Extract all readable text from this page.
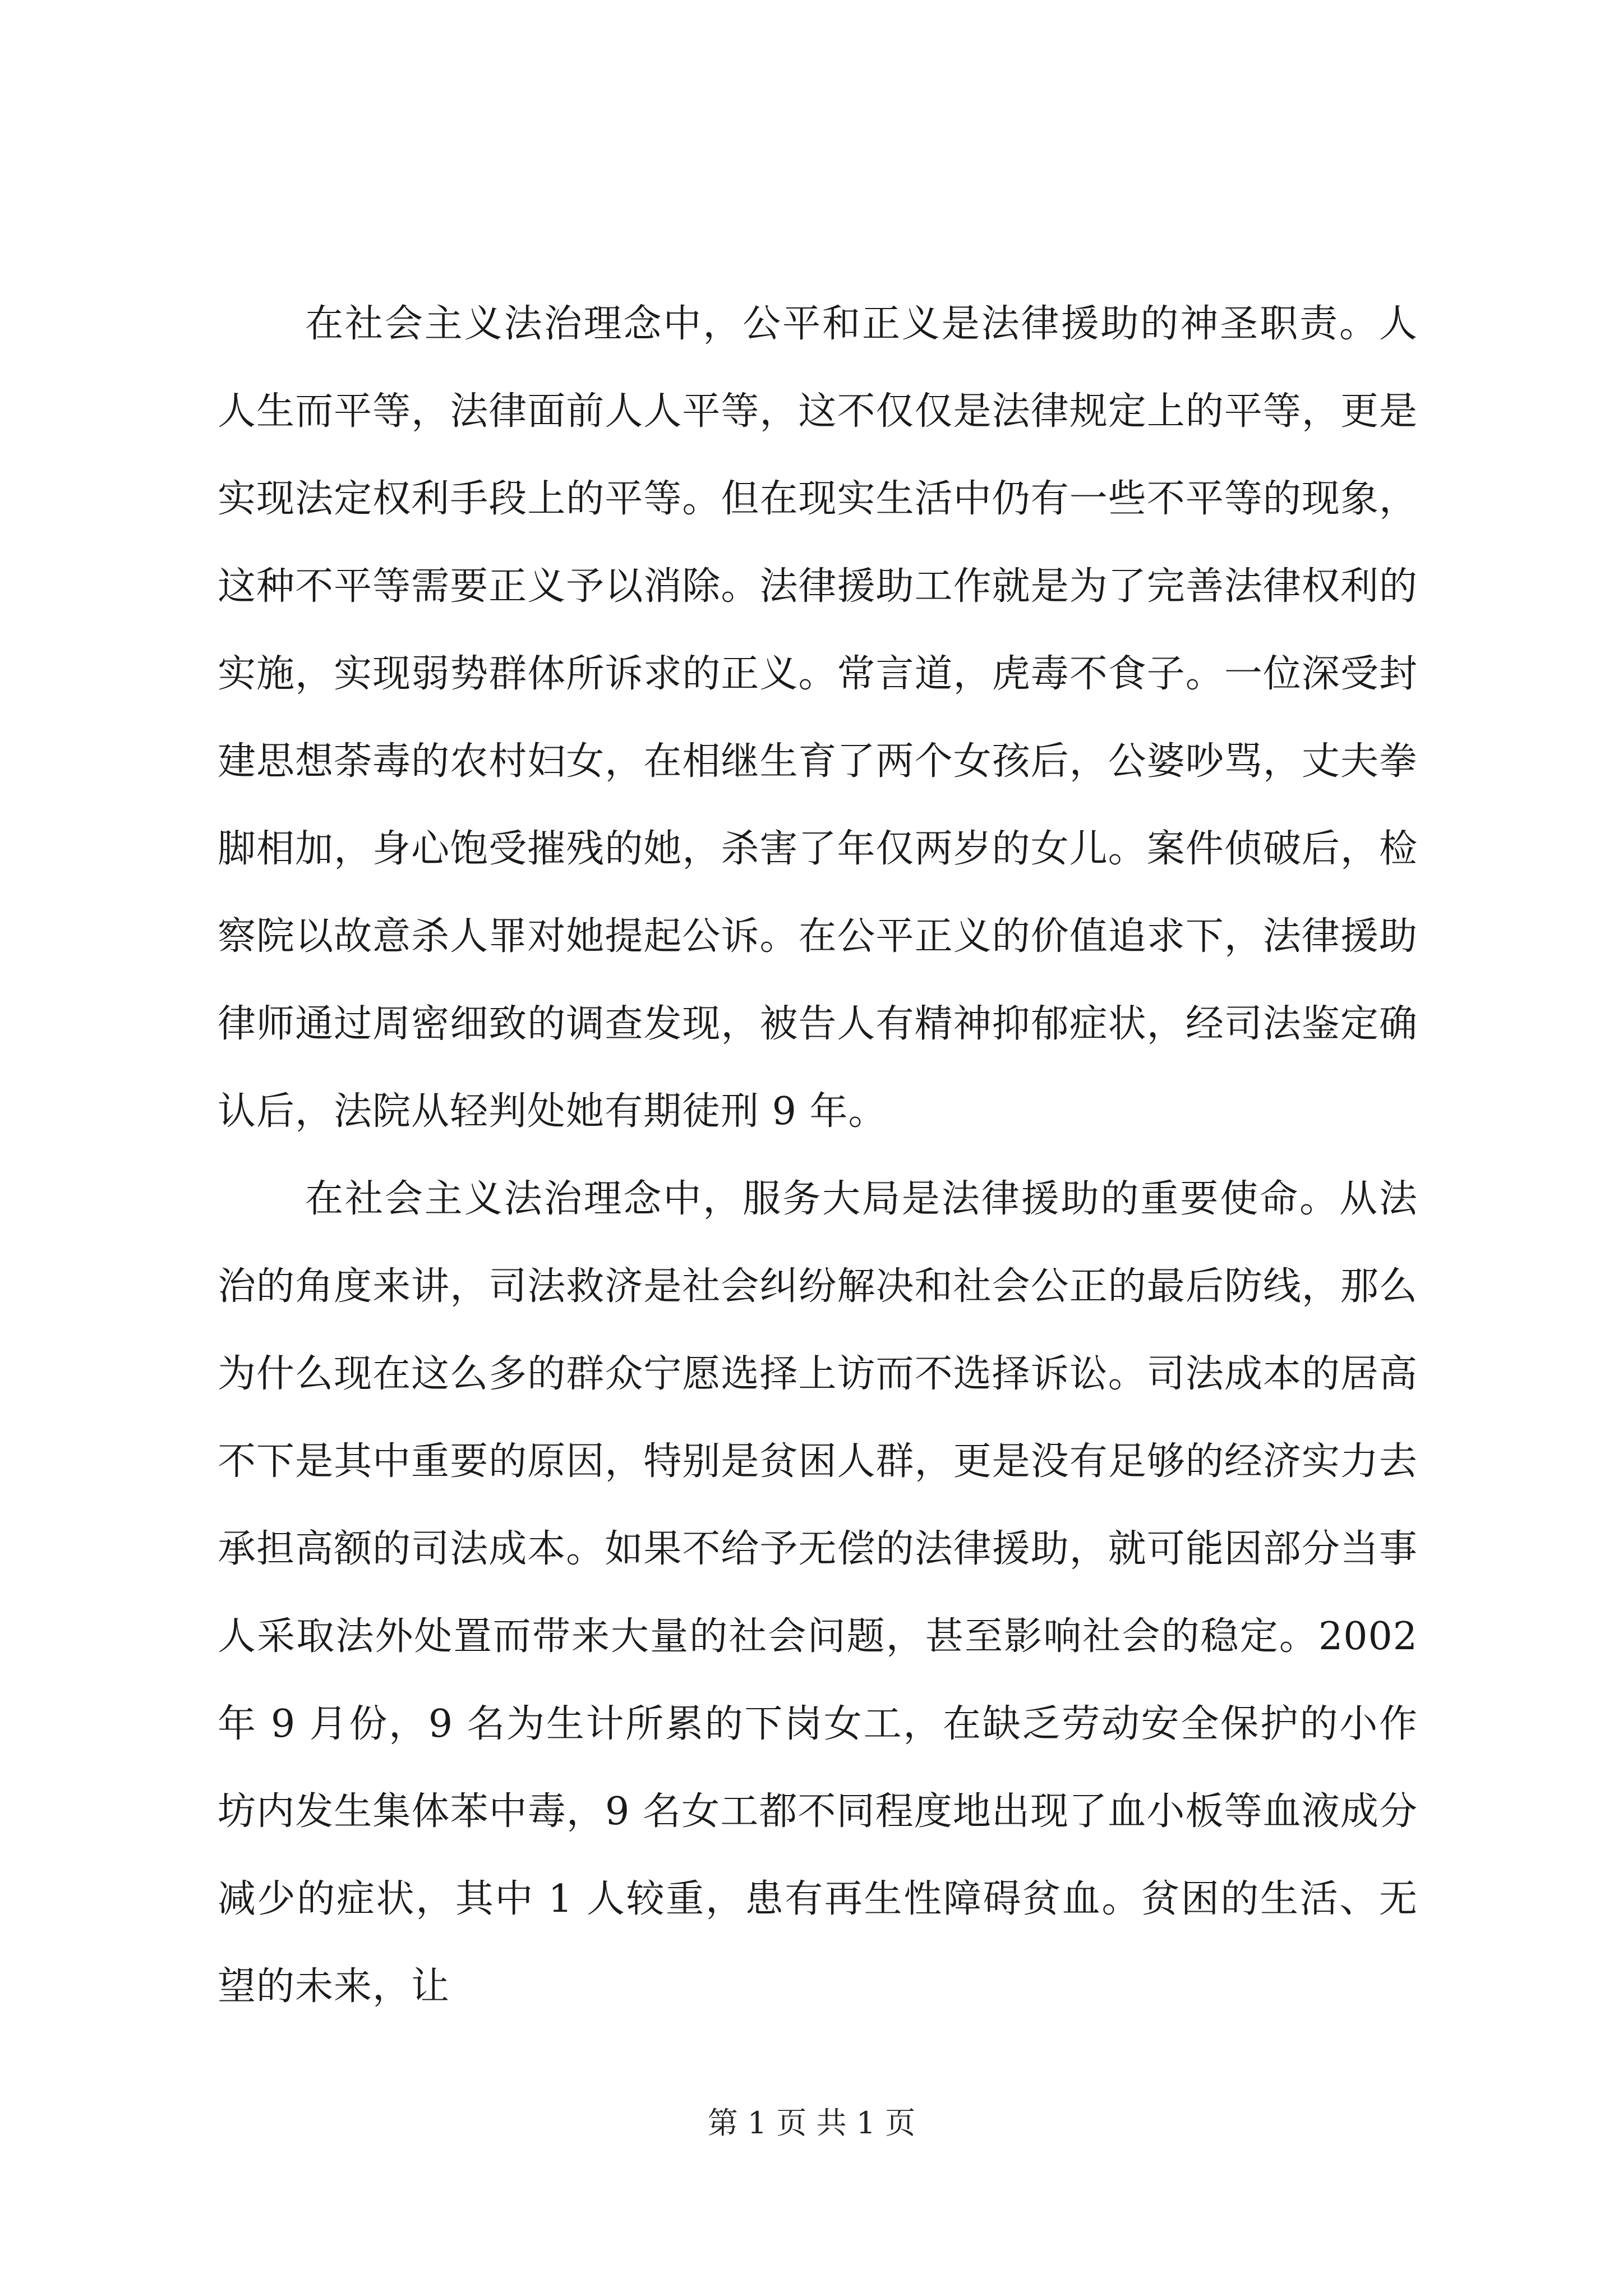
在社会主义法治理念中，公平和正义是法律援助的神圣职责。人人生而平等，法律面前人人平等，这不仅仅是法律规定上的平等，更是实现法定权利手段上的平等。但在现实生活中仍有一些不平等的现象，这种不平等需要正义予以消除。法律援助工作就是为了完善法律权利的实施，实现弱势群体所诉求的正义。常言道，虎毒不食子。一位深受封建思想荼毒的农村妇女，在相继生育了两个女孩后，公婆吵骂，丈夫拳脚相加，身心饱受摧残的她，杀害了年仅两岁的女儿。案件侦破后，检察院以故意杀人罪对她提起公诉。在公平正义的价值追求下，法律援助律师通过周密细致的调查发现，被告人有精神抑郁症状，经司法鉴定确认后，法院从轻判处她有期徒刑 9 年。

在社会主义法治理念中，服务大局是法律援助的重要使命。从法治的角度来讲，司法救济是社会纠纷解决和社会公正的最后防线，那么为什么现在这么多的群众宁愿选择上访而不选择诉讼。司法成本的居高不下是其中重要的原因，特别是贫困人群，更是没有足够的经济实力去承担高额的司法成本。如果不给予无偿的法律援助，就可能因部分当事人采取法外处置而带来大量的社会问题，甚至影响社会的稳定。2002 年 9 月份，9 名为生计所累的下岗女工，在缺乏劳动安全保护的小作坊内发生集体苯中毒，9 名女工都不同程度地出现了血小板等血液成分减少的症状，其中 1 人较重，患有再生性障碍贫血。贫困的生活、无望的未来，让

第 1 页 共 1 页
